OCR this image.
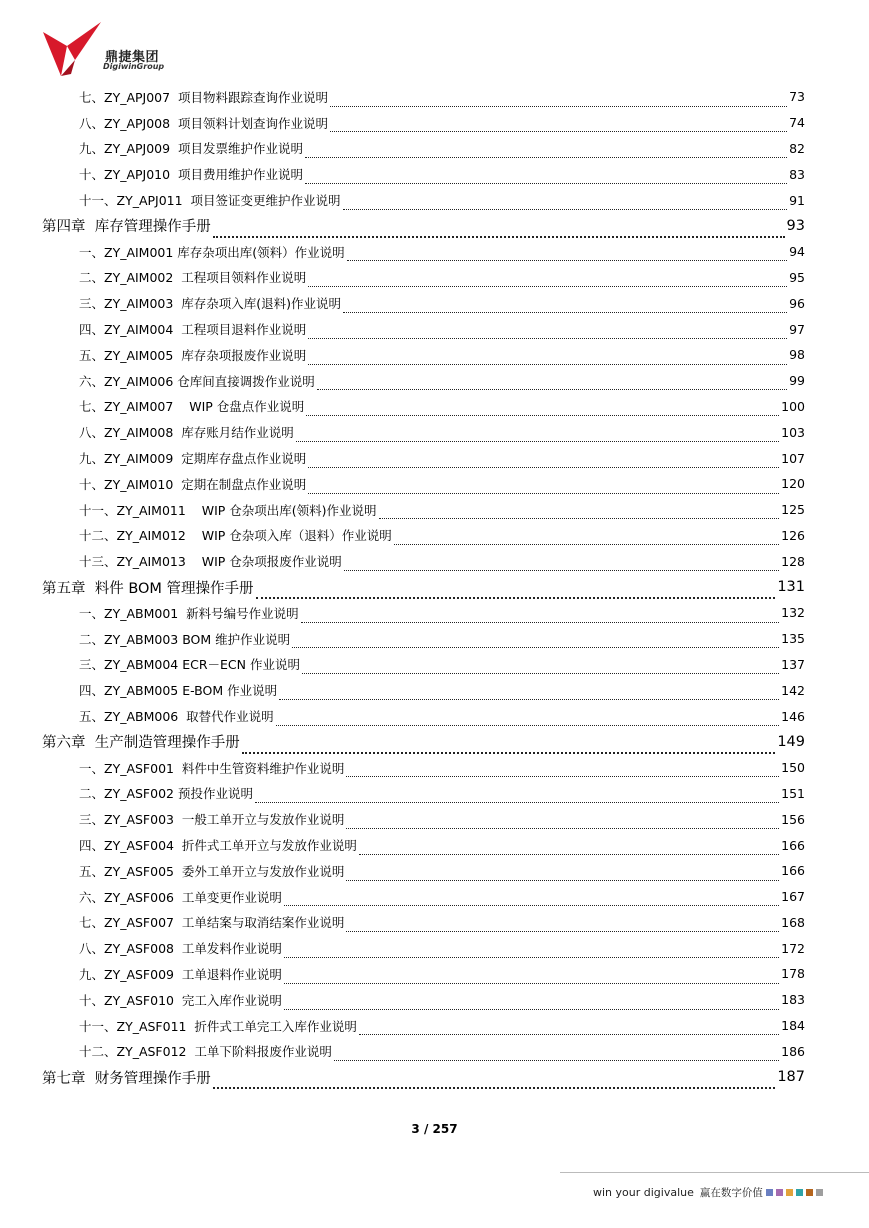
鼎捷集团
DigiwinGroup
七、ZY_APJ007  项目物料跟踪查询作业说明	73
八、ZY_APJ008  项目领料计划查询作业说明	74
九、ZY_APJ009  项目发票维护作业说明	82
十、ZY_APJ010  项目费用维护作业说明	83
十一、ZY_APJ011  项目签证变更维护作业说明	91
第四章  库存管理操作手册	93
一、ZY_AIM001 库存杂项出库(领料）作业说明	94
二、ZY_AIM002  工程项目领料作业说明	95
三、ZY_AIM003  库存杂项入库(退料)作业说明	96
四、ZY_AIM004  工程项目退料作业说明	97
五、ZY_AIM005  库存杂项报废作业说明	98
六、ZY_AIM006 仓库间直接调拨作业说明	99
七、ZY_AIM007    WIP 仓盘点作业说明	100
八、ZY_AIM008  库存账月结作业说明	103
九、ZY_AIM009  定期库存盘点作业说明	107
十、ZY_AIM010  定期在制盘点作业说明	120
十一、ZY_AIM011    WIP 仓杂项出库(领料)作业说明	125
十二、ZY_AIM012    WIP 仓杂项入库（退料）作业说明	126
十三、ZY_AIM013    WIP 仓杂项报废作业说明	128
第五章  料件 BOM 管理操作手册	131
一、ZY_ABM001  新料号编号作业说明	132
二、ZY_ABM003 BOM 维护作业说明	135
三、ZY_ABM004 ECR－ECN 作业说明	137
四、ZY_ABM005 E-BOM 作业说明	142
五、ZY_ABM006  取替代作业说明	146
第六章  生产制造管理操作手册	149
一、ZY_ASF001  料件中生管资料维护作业说明	150
二、ZY_ASF002 预投作业说明	151
三、ZY_ASF003  一般工单开立与发放作业说明	156
四、ZY_ASF004  折件式工单开立与发放作业说明	166
五、ZY_ASF005  委外工单开立与发放作业说明	166
六、ZY_ASF006  工单变更作业说明	167
七、ZY_ASF007  工单结案与取消结案作业说明	168
八、ZY_ASF008  工单发料作业说明	172
九、ZY_ASF009  工单退料作业说明	178
十、ZY_ASF010  完工入库作业说明	183
十一、ZY_ASF011  折件式工单完工入库作业说明	184
十二、ZY_ASF012  工单下阶料报废作业说明	186
第七章  财务管理操作手册	187
3 / 257
win your digivalue 赢在数字价值
